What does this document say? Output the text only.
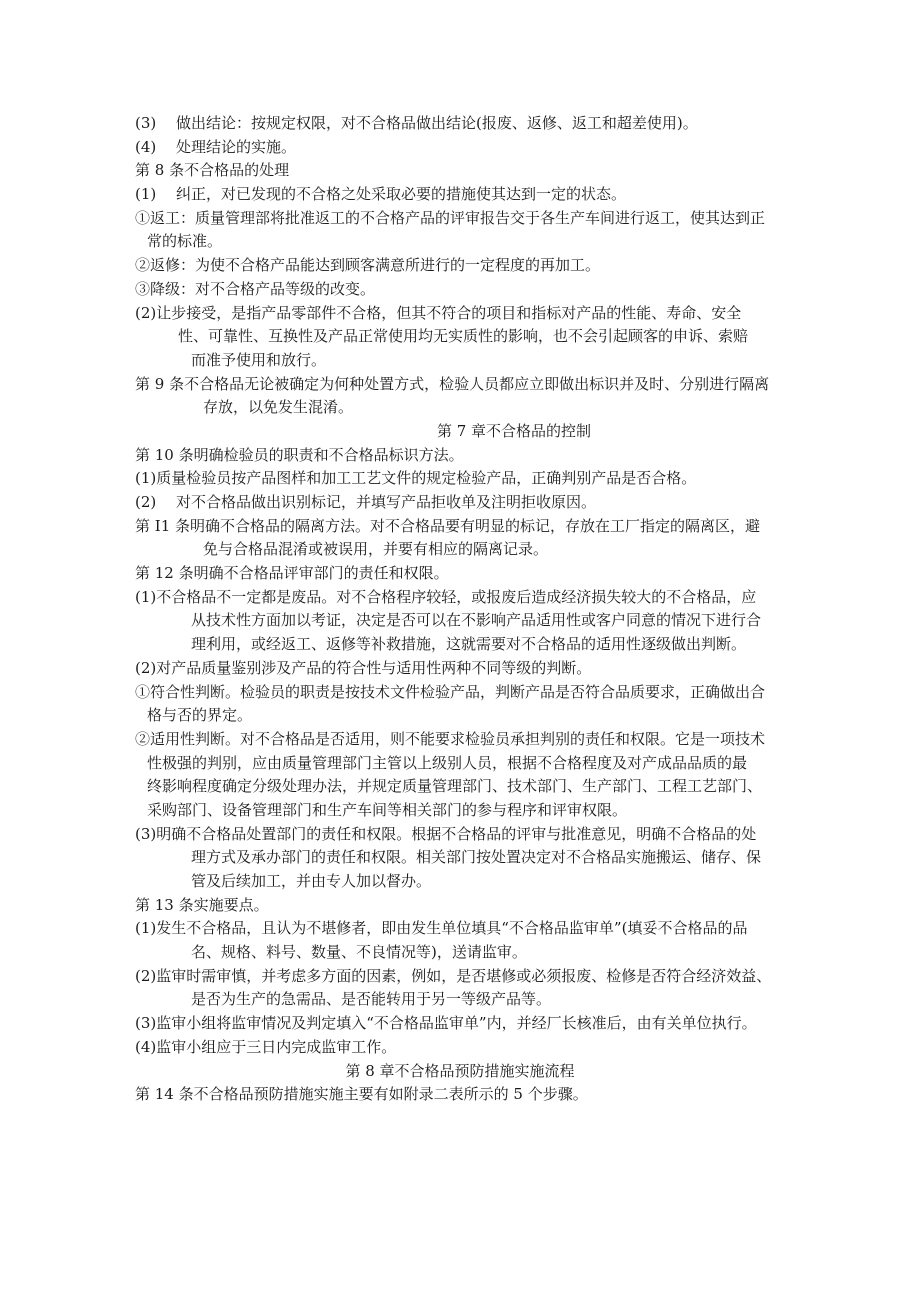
(3)　 做出结论：按规定权限，对不合格品做出结论(报废、返修、返工和超差使用)。
(4)　 处理结论的实施。
第 8 条不合格品的处理
(1)　 纠正，对已发现的不合格之处采取必要的措施使其达到一定的状态。
①返工：质量管理部将批准返工的不合格产品的评审报告交于各生产车间进行返工，使其达到正
常的标准。
②返修：为使不合格产品能达到顾客满意所进行的一定程度的再加工。
③降级：对不合格产品等级的改变。
(2)让步接受，是指产品零部件不合格，但其不符合的项目和指标对产品的性能、寿命、安全
性、可靠性、互换性及产品正常使用均无实质性的影响，也不会引起顾客的申诉、索赔
而准予使用和放行。
第 9 条不合格品无论被确定为何种处置方式，检验人员都应立即做出标识并及时、分别进行隔离
存放，以免发生混淆。
第 7 章不合格品的控制
第 10 条明确检验员的职责和不合格品标识方法。
(1)质量检验员按产品图样和加工工艺文件的规定检验产品，正确判别产品是否合格。
(2)　 对不合格品做出识别标记，并填写产品拒收单及注明拒收原因。
第 I1 条明确不合格品的隔离方法。对不合格品要有明显的标记，存放在工厂指定的隔离区，避
免与合格品混淆或被误用，并要有相应的隔离记录。
第 12 条明确不合格品评审部门的责任和权限。
(1)不合格品不一定都是废品。对不合格程序较轻，或报废后造成经济损失较大的不合格品，应
从技术性方面加以考证，决定是否可以在不影响产品适用性或客户同意的情况下进行合
理利用，或经返工、返修等补救措施，这就需要对不合格品的适用性逐级做出判断。
(2)对产品质量鉴别涉及产品的符合性与适用性两种不同等级的判断。
①符合性判断。检验员的职责是按技术文件检验产品，判断产品是否符合品质要求，正确做出合
格与否的界定。
②适用性判断。对不合格品是否适用，则不能要求检验员承担判别的责任和权限。它是一项技术
性极强的判别，应由质量管理部门主管以上级别人员，根据不合格程度及对产成品品质的最
终影响程度确定分级处理办法，并规定质量管理部门、技术部门、生产部门、工程工艺部门、
采购部门、设备管理部门和生产车间等相关部门的参与程序和评审权限。
(3)明确不合格品处置部门的责任和权限。根据不合格品的评审与批准意见，明确不合格品的处
理方式及承办部门的责任和权限。相关部门按处置决定对不合格品实施搬运、储存、保
管及后续加工，并由专人加以督办。
第 13 条实施要点。
(1)发生不合格品，且认为不堪修者，即由发生单位填具“不合格品监审单”(填妥不合格品的品
名、规格、料号、数量、不良情况等)，送请监审。
(2)监审时需审慎，并考虑多方面的因素，例如，是否堪修或必须报废、检修是否符合经济效益、
是否为生产的急需品、是否能转用于另一等级产品等。
(3)监审小组将监审情况及判定填入“不合格品监审单”内，并经厂长核准后，由有关单位执行。
(4)监审小组应于三日内完成监审工作。
第 8 章不合格品预防措施实施流程
第 14 条不合格品预防措施实施主要有如附录二表所示的 5 个步骤。
